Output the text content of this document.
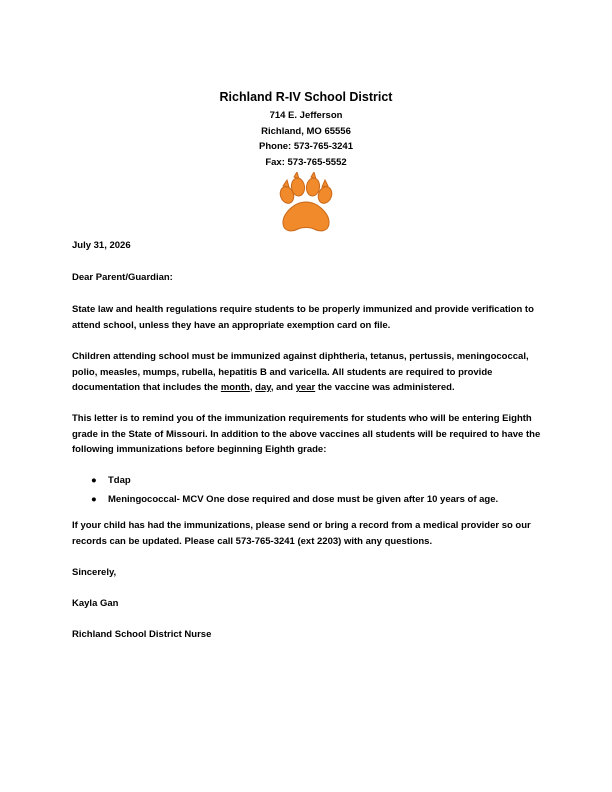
Richland R-IV School District
714 E. Jefferson
Richland, MO 65556
Phone: 573-765-3241
Fax: 573-765-5552
July 31, 2026
Dear Parent/Guardian:

State law and health regulations require students to be properly immunized and provide verification to attend school, unless they have an appropriate exemption card on file.

Children attending school must be immunized against diphtheria, tetanus, pertussis, meningococcal, polio, measles, mumps, rubella, hepatitis B and varicella. All students are required to provide documentation that includes the month, day, and year the vaccine was administered.

This letter is to remind you of the immunization requirements for students who will be entering Eighth grade in the State of Missouri. In addition to the above vaccines all students will be required to have the following immunizations before beginning Eighth grade:

● Tdap
● Meningococcal- MCV One dose required and dose must be given after 10 years of age.

If your child has had the immunizations, please send or bring a record from a medical provider so our records can be updated. Please call 573-765-3241 (ext 2203) with any questions.

Sincerely,
Kayla Gan
Richland School District Nurse
